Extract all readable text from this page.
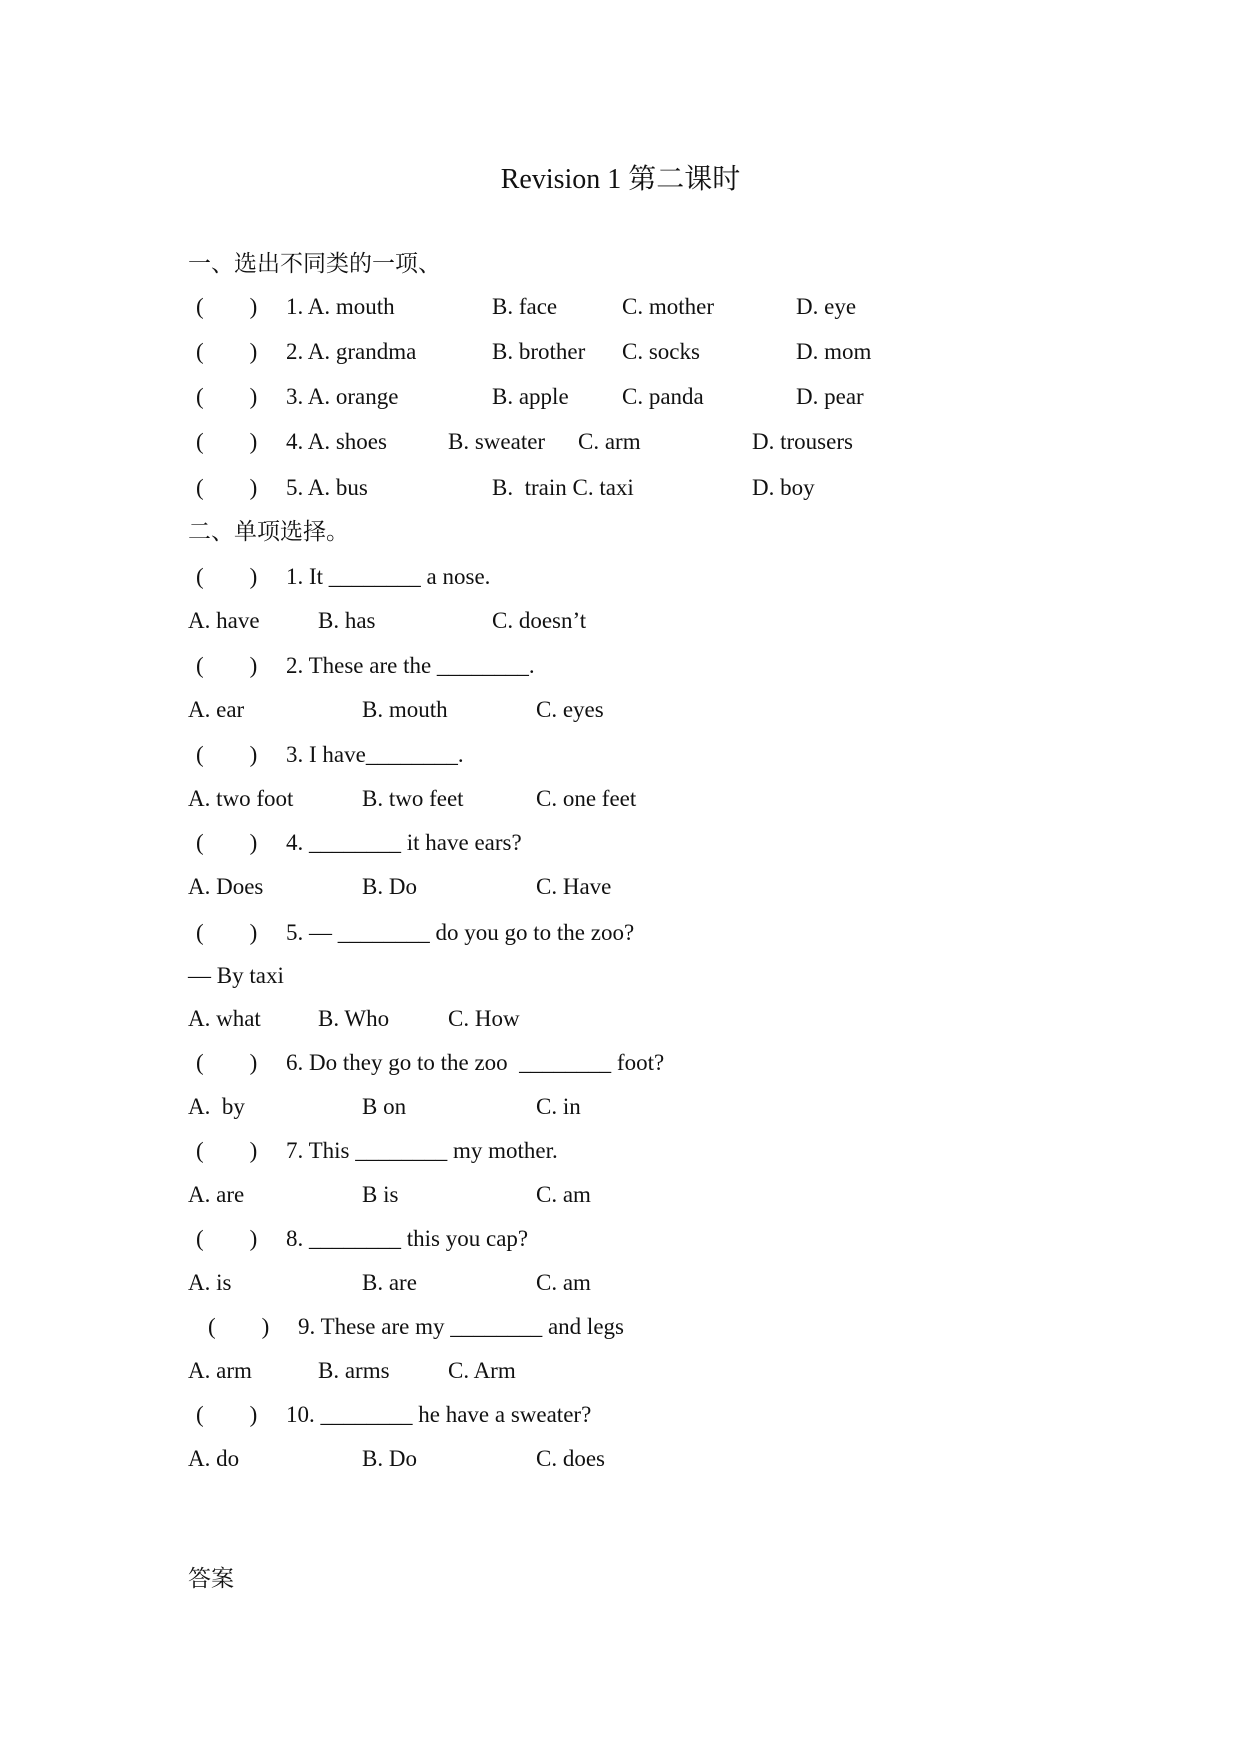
Revision 1 第二课时
一、选出不同类的一项、
(        ) 1. A. mouth	B. face	C. mother	D. eye
(        ) 2. A. grandma	B. brother C. socks	D. mom
(        ) 3. A. orange	B. apple C. panda	D. pear
(        ) 4. A. shoes	B. sweater C. arm	D. trousers
(        ) 5. A. bus	B.  train C. taxi	D. boy
二、单项选择。
(        ) 1. It ________ a nose.
A. have	B. has	C. doesn’t
(        ) 2. These are the ________.
A. ear	B. mouth	C. eyes
(        ) 3. I have________.
A. two foot	B. two feet	C. one feet
(        ) 4. ________ it have ears?
A. Does	B. Do	C. Have
(        ) 5. — ________ do you go to the zoo?
— By taxi
A. what B. Who	C. How
(        ) 6. Do they go to the zoo  ________ foot?
A.  by	B on	C. in
(        ) 7. This ________ my mother.
A. are	B is	C. am
(        ) 8. ________ this you cap?
A. is	B. are	C. am
(        ) 9. These are my ________ and legs
A. arm	B. arms	C. Arm
(        ) 10. ________ he have a sweater?
A. do	B. Do	C. does
答案
